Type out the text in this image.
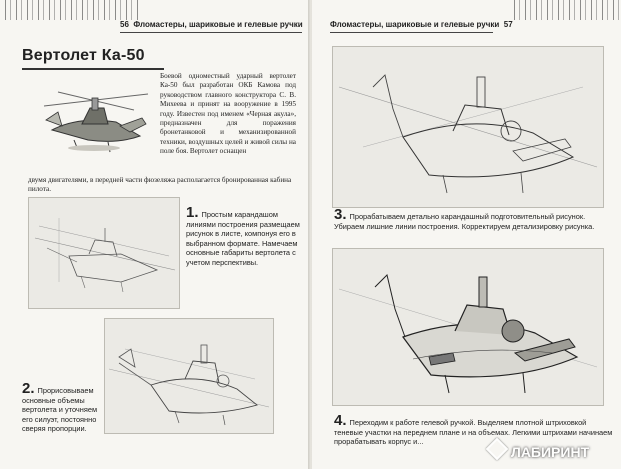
56 Фломастеры, шариковые и гелевые ручки
Вертолет Ка-50
Боевой одноместный ударный вертолет Ка-50 был разработан ОКБ Камова под руководством главного конструктора С. В. Михеева и принят на вооружение в 1995 году. Известен под именем «Черная акула», предназначен для поражения бронетанковой и механизированной техники, воздушных целей и живой силы на поле боя. Вертолет оснащен
двумя двигателями, в передней части фюзеляжа располагается бронированная кабина пилота.
1. Простым карандашом линиями построения размещаем рисунок в листе, компонуя его в выбранном формате. Намечаем основные габариты вертолета с учетом перспективы.
2. Прорисовываем основные объемы вертолета и уточняем его силуэт, постоянно сверяя пропорции.
Фломастеры, шариковые и гелевые ручки 57
3. Прорабатываем детально карандашный подготовительный рисунок. Убираем лишние линии построения. Корректируем детализировку рисунка.
4. Переходим к работе гелевой ручкой. Выделяем плотной штриховкой теневые участки на переднем плане и на объемах. Легкими штрихами начинаем прорабатывать корпус и...
ЛАБИРИНТ
